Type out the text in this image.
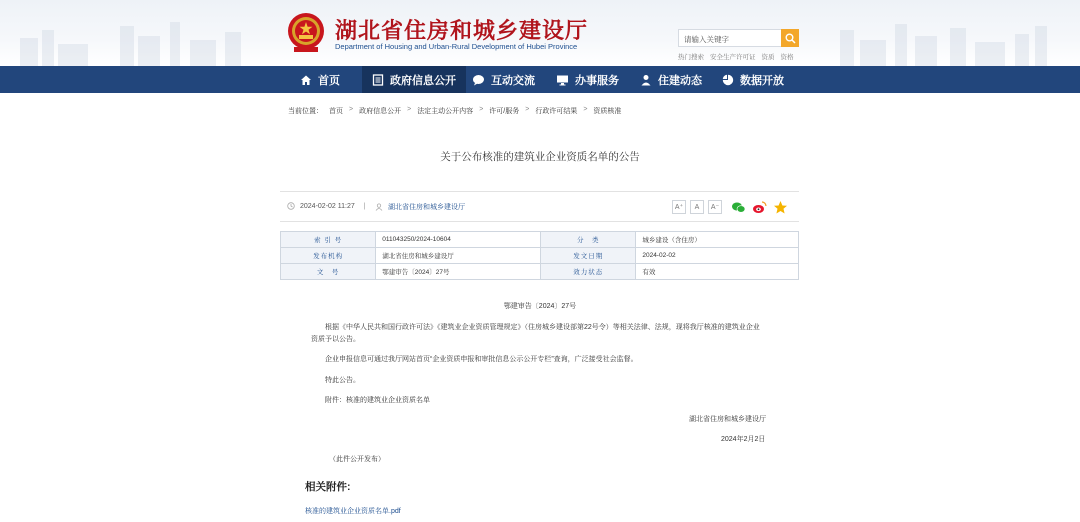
湖北省住房和城乡建设厅
Department of Housing and Urban-Rural Development of Hubei Province
请输入关键字
热门搜索 安全生产许可证 资质 资格
首页	政府信息公开	互动交流	办事服务	住建动态	数据开放
当前位置： 首页 > 政府信息公开 > 法定主动公开内容 > 许可/服务 > 行政许可结果 > 资质核准
关于公布核准的建筑业企业资质名单的公告
2024-02-02 11:27 |	湖北省住房和城乡建设厅	A⁺	A	A⁻
索 引 号	011043250/2024-10604	分　类	城乡建设（含住房）
发布机构	湖北省住房和城乡建设厅	发文日期	2024-02-02
文　号	鄂建审告〔2024〕27号	效力状态	有效
鄂建审告〔2024〕27号
根据《中华人民共和国行政许可法》《建筑业企业资质管理规定》（住房城乡建设部第22号令）等相关法律、法规，现将我厅核准的建筑业企业
资质予以公告。
企业申报信息可通过我厅网站首页“企业资质申报和审批信息公示公开专栏”查询，广泛接受社会监督。
特此公告。
附件：核准的建筑业企业资质名单
湖北省住房和城乡建设厅
2024年2月2日
（此件公开发布）
相关附件:
核准的建筑业企业资质名单.pdf
